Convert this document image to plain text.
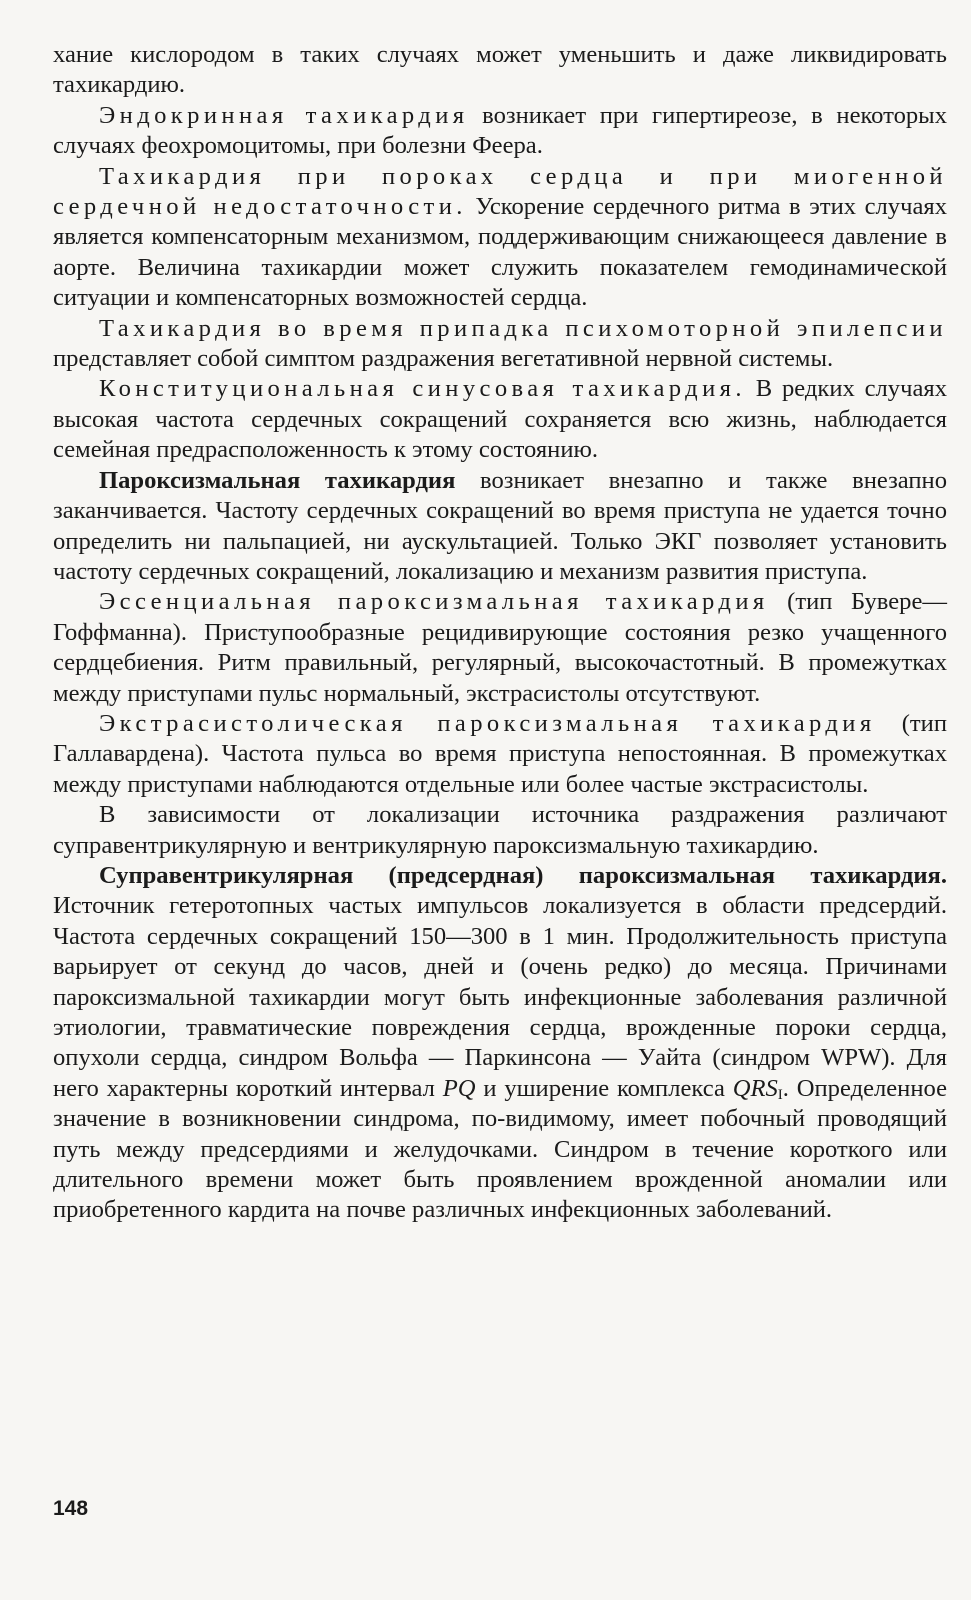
хание кислородом в таких случаях может уменьшить и даже ликвидировать тахикардию.

Эндокринная тахикардия возникает при гипертиреозе, в некоторых случаях феохромоцитомы, при болезни Феера.

Тахикардия при пороках сердца и при миогенной сердечной недостаточности. Ускорение сердечного ритма в этих случаях является компенсаторным механизмом, поддерживающим снижающееся давление в аорте. Величина тахикардии может служить показателем гемодинамической ситуации и компенсаторных возможностей сердца.

Тахикардия во время припадка психомоторной эпилепсии представляет собой симптом раздражения вегетативной нервной системы.

Конституциональная синусовая тахикардия. В редких случаях высокая частота сердечных сокращений сохраняется всю жизнь, наблюдается семейная предрасположенность к этому состоянию.

Пароксизмальная тахикардия возникает внезапно и также внезапно заканчивается. Частоту сердечных сокращений во время приступа не удается точно определить ни пальпацией, ни аускультацией. Только ЭКГ позволяет установить частоту сердечных сокращений, локализацию и механизм развития приступа.

Эссенциальная пароксизмальная тахикардия (тип Бувере—Гоффманна). Приступообразные рецидивирующие состояния резко учащенного сердцебиения. Ритм правильный, регулярный, высокочастотный. В промежутках между приступами пульс нормальный, экстрасистолы отсутствуют.

Экстрасистолическая пароксизмальная тахикардия (тип Галлавардена). Частота пульса во время приступа непостоянная. В промежутках между приступами наблюдаются отдельные или более частые экстрасистолы.

В зависимости от локализации источника раздражения различают суправентрикулярную и вентрикулярную пароксизмальную тахикардию.

Суправентрикулярная (предсердная) пароксизмальная тахикардия. Источник гетеротопных частых импульсов локализуется в области предсердий. Частота сердечных сокращений 150—300 в 1 мин. Продолжительность приступа варьирует от секунд до часов, дней и (очень редко) до месяца. Причинами пароксизмальной тахикардии могут быть инфекционные заболевания различной этиологии, травматические повреждения сердца, врожденные пороки сердца, опухоли сердца, синдром Вольфа — Паркинсона — Уайта (синдром WPW). Для него характерны короткий интервал PQ и уширение комплекса $QRS_I$. Определенное значение в возникновении синдрома, по-видимому, имеет побочный проводящий путь между предсердиями и желудочками. Синдром в течение короткого или длительного времени может быть проявлением врожденной аномалии или приобретенного кардита на почве различных инфекционных заболеваний.

148
